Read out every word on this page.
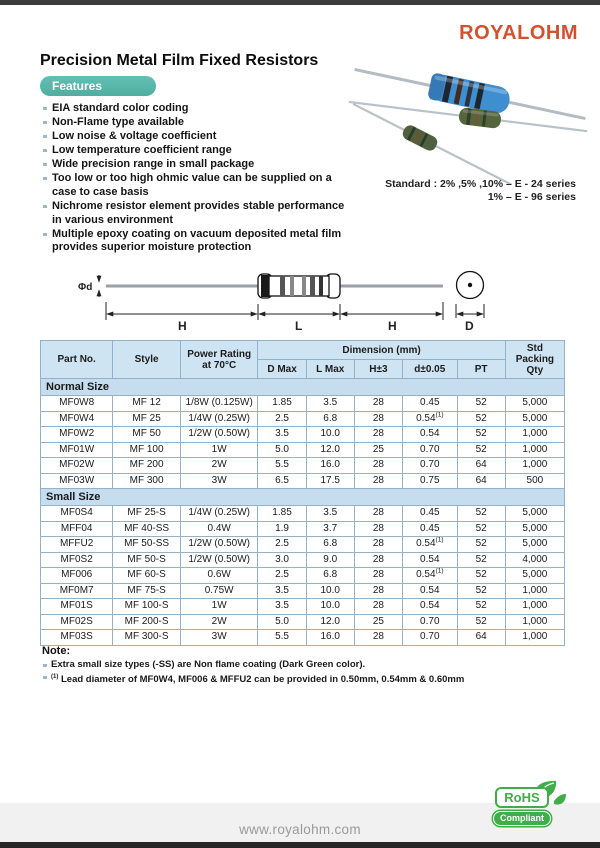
ROYALOHM
Precision Metal Film Fixed Resistors
Features
EIA standard color coding
Non-Flame type available
Low noise & voltage coefficient
Low temperature coefficient range
Wide precision range in small package
Too low or too high ohmic value can be supplied on a case to case basis
Nichrome resistor element provides stable performance in various environment
Multiple epoxy coating on vacuum deposited metal film provides superior moisture protection
Standard : 2% ,5% ,10% – E - 24 series
1% – E - 96 series
Φd
H	L	H	D
Part No.	Style	Power Rating at 70°C	Dimension (mm)					Std Packing Qty
			D Max	L Max	H±3	d±0.05	PT	
Normal Size								
MF0W8	MF 12	1/8W (0.125W)	1.85	3.5	28	0.45	52	5,000
MF0W4	MF 25	1/4W (0.25W)	2.5	6.8	28	0.54$^{(1)}$	52	5,000
MF0W2	MF 50	1/2W (0.50W)	3.5	10.0	28	0.54	52	1,000
MF01W	MF 100	1W	5.0	12.0	25	0.70	52	1,000
MF02W	MF 200	2W	5.5	16.0	28	0.70	64	1,000
MF03W	MF 300	3W	6.5	17.5	28	0.75	64	500
Small Size								
MF0S4	MF 25-S	1/4W (0.25W)	1.85	3.5	28	0.45	52	5,000
MFF04	MF 40-SS	0.4W	1.9	3.7	28	0.45	52	5,000
MFFU2	MF 50-SS	1/2W (0.50W)	2.5	6.8	28	0.54$^{(1)}$	52	5,000
MF0S2	MF 50-S	1/2W (0.50W)	3.0	9.0	28	0.54	52	4,000
MF006	MF 60-S	0.6W	2.5	6.8	28	0.54$^{(1)}$	52	5,000
MF0M7	MF 75-S	0.75W	3.5	10.0	28	0.54	52	1,000
MF01S	MF 100-S	1W	3.5	10.0	28	0.54	52	1,000
MF02S	MF 200-S	2W	5.0	12.0	25	0.70	52	1,000
MF03S	MF 300-S	3W	5.5	16.0	28	0.70	64	1,000
Note:
Extra small size types (-SS) are Non flame coating (Dark Green color).
$^{(1)}$ Lead diameter of MF0W4, MF006 & MFFU2 can be provided in 0.50mm, 0.54mm & 0.60mm
www.royalohm.com
RoHS
Compliant
